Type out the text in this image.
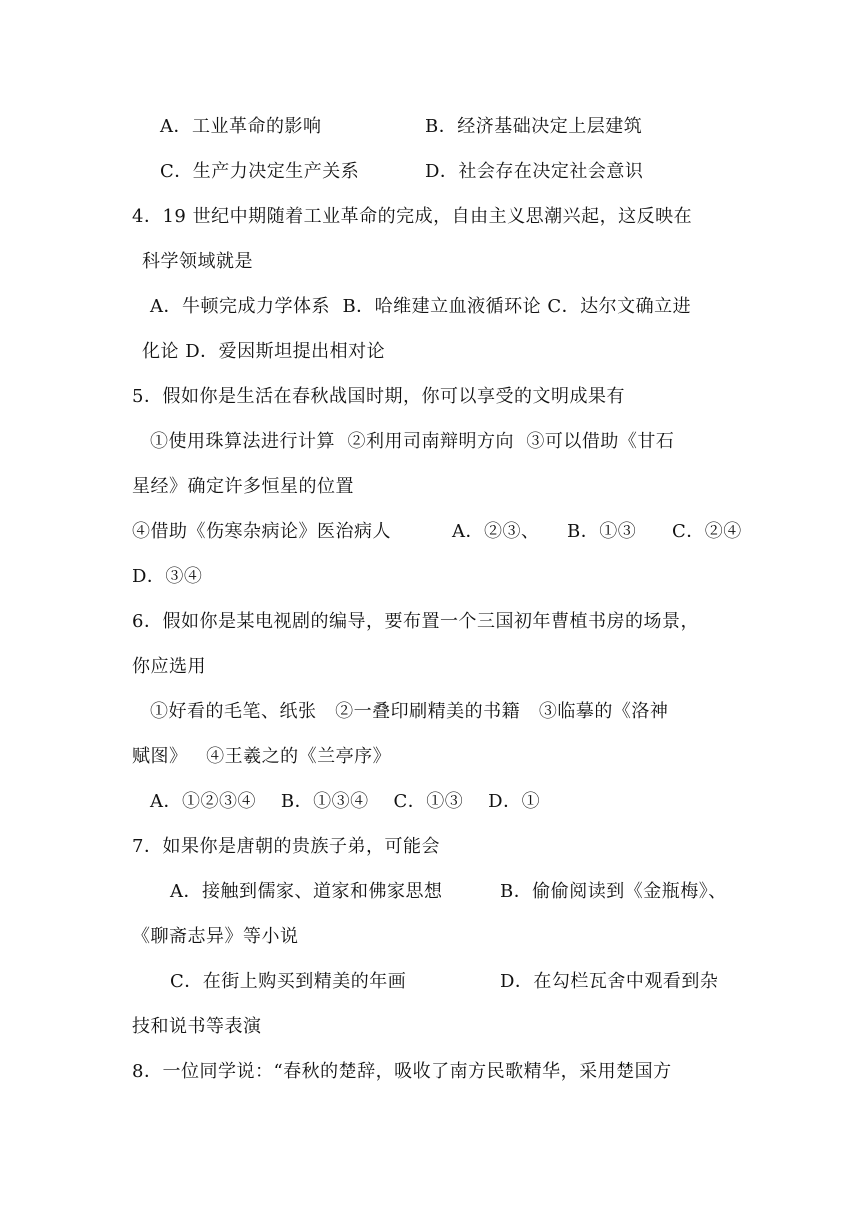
A．工业革命的影响	B．经济基础决定上层建筑
C．生产力决定生产关系	D．社会存在决定社会意识
4．19 世纪中期随着工业革命的完成，自由主义思潮兴起，这反映在
科学领域就是
A．牛顿完成力学体系  B．哈维建立血液循环论 C．达尔文确立进
化论 D．爱因斯坦提出相对论
5．假如你是生活在春秋战国时期，你可以享受的文明成果有
①使用珠算法进行计算  ②利用司南辩明方向  ③可以借助《甘石
星经》确定许多恒星的位置
④借助《伤寒杂病论》医治病人	A．②③、 B．①③ C．②④
D．③④
6．假如你是某电视剧的编导，要布置一个三国初年曹植书房的场景，
你应选用
①好看的毛笔、纸张   ②一叠印刷精美的书籍   ③临摹的《洛神
赋图》   ④王羲之的《兰亭序》
A．①②③④    B．①③④    C．①③    D．①
7．如果你是唐朝的贵族子弟，可能会
A．接触到儒家、道家和佛家思想	B．偷偷阅读到《金瓶梅》、
《聊斋志异》等小说
C．在街上购买到精美的年画	D．在勾栏瓦舍中观看到杂
技和说书等表演
8．一位同学说：“春秋的楚辞，吸收了南方民歌精华，采用楚国方
